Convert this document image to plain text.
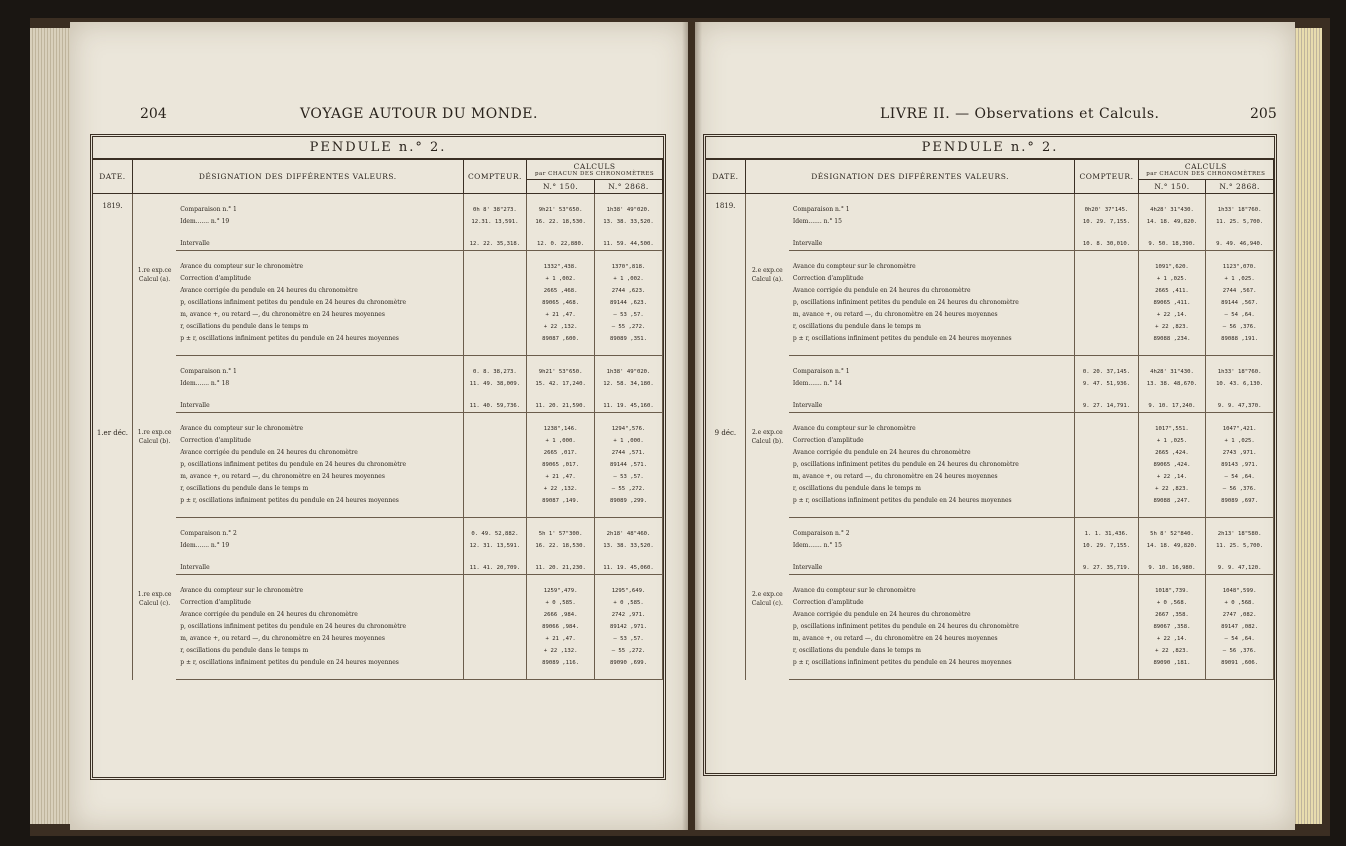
204	VOYAGE AUTOUR DU MONDE.
PENDULE n.° 2.
DATE.	DÉSIGNATION DES DIFFÉRENTES VALEURS.		COMPTEUR.	CALCULS
par CHACUN DES CHRONOMÈTRES	

				N.° 150.	N.° 2868.

1819.
1.er déc.	1.re exp.ce Calcul (a).				
		Comparaison n.° 1	0h 8' 38"273.	9h21' 53"650.	1h38' 49"020.
		Idem....... n.° 19	12.31. 13,591.	16. 22. 18,530.	13. 38. 33,520.

		Intervalle	12. 22. 35,318.	12. 0. 22,880.	11. 59. 44,500.

		Avance du compteur sur le chronomètre		1332",438.	1370",818.
		Correction d'amplitude		+ 1 ,002.	+ 1 ,002.
		Avance corrigée du pendule en 24 heures du chronomètre		2665 ,468.	2744 ,623.
		p, oscillations infiniment petites du pendule en 24 heures du chronomètre		89065 ,468.	89144 ,623.
		m, avance +, ou retard —, du chronomètre en 24 heures moyennes		+ 21 ,47.	— 53 ,57.
		r, oscillations du pendule dans le temps m		+ 22 ,132.	— 55 ,272.
		p ± r, oscillations infiniment petites du pendule en 24 heures moyennes		89087 ,600.	89089 ,351.

	1.re exp.ce Calcul (b).				
		Comparaison n.° 1	0. 8. 38,273.	9h21' 53"650.	1h38' 49"020.
		Idem....... n.° 18	11. 49. 38,009.	15. 42. 17,240.	12. 58. 34,180.

		Intervalle	11. 40. 59,736.	11. 20. 21,590.	11. 19. 45,160.

		Avance du compteur sur le chronomètre		1238",146.	1294",576.
		Correction d'amplitude		+ 1 ,000.	+ 1 ,000.
		Avance corrigée du pendule en 24 heures du chronomètre		2665 ,017.	2744 ,571.
		p, oscillations infiniment petites du pendule en 24 heures du chronomètre		89065 ,017.	89144 ,571.
		m, avance +, ou retard —, du chronomètre en 24 heures moyennes		+ 21 ,47.	— 53 ,57.
		r, oscillations du pendule dans le temps m		+ 22 ,132.	— 55 ,272.
		p ± r, oscillations infiniment petites du pendule en 24 heures moyennes		89087 ,149.	89089 ,299.

	1.re exp.ce Calcul (c).				
		Comparaison n.° 2	0. 49. 52,882.	5h 1' 57"300.	2h18' 48"460.
		Idem....... n.° 19	12. 31. 13,591.	16. 22. 18,530.	13. 38. 33,520.

		Intervalle	11. 41. 20,709.	11. 20. 21,230.	11. 19. 45,060.

		Avance du compteur sur le chronomètre		1259",479.	1295",649.
		Correction d'amplitude		+ 0 ,585.	+ 0 ,585.
		Avance corrigée du pendule en 24 heures du chronomètre		2666 ,984.	2742 ,971.
		p, oscillations infiniment petites du pendule en 24 heures du chronomètre		89066 ,984.	89142 ,971.
		m, avance +, ou retard —, du chronomètre en 24 heures moyennes		+ 21 ,47.	— 53 ,57.
		r, oscillations du pendule dans le temps m		+ 22 ,132.	— 55 ,272.
		p ± r, oscillations infiniment petites du pendule en 24 heures moyennes		89089 ,116.	89090 ,699.

LIVRE II. — Observations et Calculs.	205
PENDULE n.° 2.
DATE.	DÉSIGNATION DES DIFFÉRENTES VALEURS.		COMPTEUR.	CALCULS
par CHACUN DES CHRONOMÈTRES	

				N.° 150.	N.° 2868.

1819.
9 déc.	2.e exp.ce Calcul (a).				
		Comparaison n.° 1	0h20' 37"145.	4h28' 31"430.	1h33' 18"760.
		Idem....... n.° 15	10. 29. 7,155.	14. 18. 49,820.	11. 25. 5,700.

		Intervalle	10. 8. 30,010.	9. 50. 18,390.	9. 49. 46,940.

		Avance du compteur sur le chronomètre		1091",620.	1123",070.
		Correction d'amplitude		+ 1 ,025.	+ 1 ,025.
		Avance corrigée du pendule en 24 heures du chronomètre		2665 ,411.	2744 ,567.
		p, oscillations infiniment petites du pendule en 24 heures du chronomètre		89065 ,411.	89144 ,567.
		m, avance +, ou retard —, du chronomètre en 24 heures moyennes		+ 22 ,14.	— 54 ,64.
		r, oscillations du pendule dans le temps m		+ 22 ,823.	— 56 ,376.
		p ± r, oscillations infiniment petites du pendule en 24 heures moyennes		89088 ,234.	89088 ,191.

	2.e exp.ce Calcul (b).				
		Comparaison n.° 1	0. 20. 37,145.	4h28' 31"430.	1h33' 18"760.
		Idem....... n.° 14	9. 47. 51,936.	13. 38. 48,670.	10. 43. 6,130.

		Intervalle	9. 27. 14,791.	9. 10. 17,240.	9. 9. 47,370.

		Avance du compteur sur le chronomètre		1017",551.	1047",421.
		Correction d'amplitude		+ 1 ,025.	+ 1 ,025.
		Avance corrigée du pendule en 24 heures du chronomètre		2665 ,424.	2743 ,971.
		p, oscillations infiniment petites du pendule en 24 heures du chronomètre		89065 ,424.	89143 ,971.
		m, avance +, ou retard —, du chronomètre en 24 heures moyennes		+ 22 ,14.	— 54 ,64.
		r, oscillations du pendule dans le temps m		+ 22 ,823.	— 56 ,376.
		p ± r, oscillations infiniment petites du pendule en 24 heures moyennes		89088 ,247.	89089 ,697.

	2.e exp.ce Calcul (c).				
		Comparaison n.° 2	1. 1. 31,436.	5h 8' 52"840.	2h13' 18"580.
		Idem....... n.° 15	10. 29. 7,155.	14. 18. 49,820.	11. 25. 5,700.

		Intervalle	9. 27. 35,719.	9. 10. 16,980.	9. 9. 47,120.

		Avance du compteur sur le chronomètre		1018",739.	1048",599.
		Correction d'amplitude		+ 0 ,568.	+ 0 ,568.
		Avance corrigée du pendule en 24 heures du chronomètre		2667 ,358.	2747 ,082.
		p, oscillations infiniment petites du pendule en 24 heures du chronomètre		89067 ,358.	89147 ,082.
		m, avance +, ou retard —, du chronomètre en 24 heures moyennes		+ 22 ,14.	— 54 ,64.
		r, oscillations du pendule dans le temps m		+ 22 ,823.	— 56 ,376.
		p ± r, oscillations infiniment petites du pendule en 24 heures moyennes		89090 ,181.	89091 ,606.
